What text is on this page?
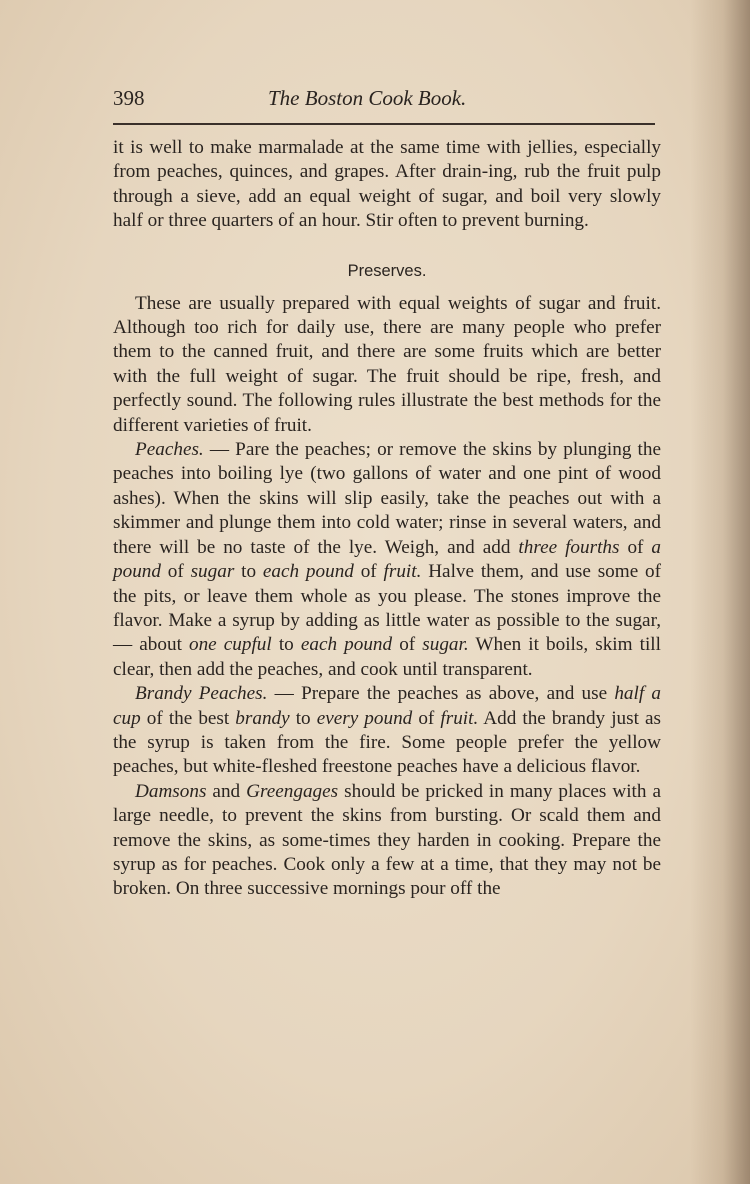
398	The Boston Cook Book.

it is well to make marmalade at the same time with jellies, especially from peaches, quinces, and grapes. After drain-ing, rub the fruit pulp through a sieve, add an equal weight of sugar, and boil very slowly half or three quarters of an hour. Stir often to prevent burning.

Preserves.

These are usually prepared with equal weights of sugar and fruit. Although too rich for daily use, there are many people who prefer them to the canned fruit, and there are some fruits which are better with the full weight of sugar. The fruit should be ripe, fresh, and perfectly sound. The following rules illustrate the best methods for the different varieties of fruit.

Peaches. — Pare the peaches; or remove the skins by plunging the peaches into boiling lye (two gallons of water and one pint of wood ashes). When the skins will slip easily, take the peaches out with a skimmer and plunge them into cold water; rinse in several waters, and there will be no taste of the lye. Weigh, and add three fourths of a pound of sugar to each pound of fruit. Halve them, and use some of the pits, or leave them whole as you please. The stones improve the flavor. Make a syrup by adding as little water as possible to the sugar, — about one cupful to each pound of sugar. When it boils, skim till clear, then add the peaches, and cook until transparent.

Brandy Peaches. — Prepare the peaches as above, and use half a cup of the best brandy to every pound of fruit. Add the brandy just as the syrup is taken from the fire. Some people prefer the yellow peaches, but white-fleshed freestone peaches have a delicious flavor.

Damsons and Greengages should be pricked in many places with a large needle, to prevent the skins from bursting. Or scald them and remove the skins, as some-times they harden in cooking. Prepare the syrup as for peaches. Cook only a few at a time, that they may not be broken. On three successive mornings pour off the
